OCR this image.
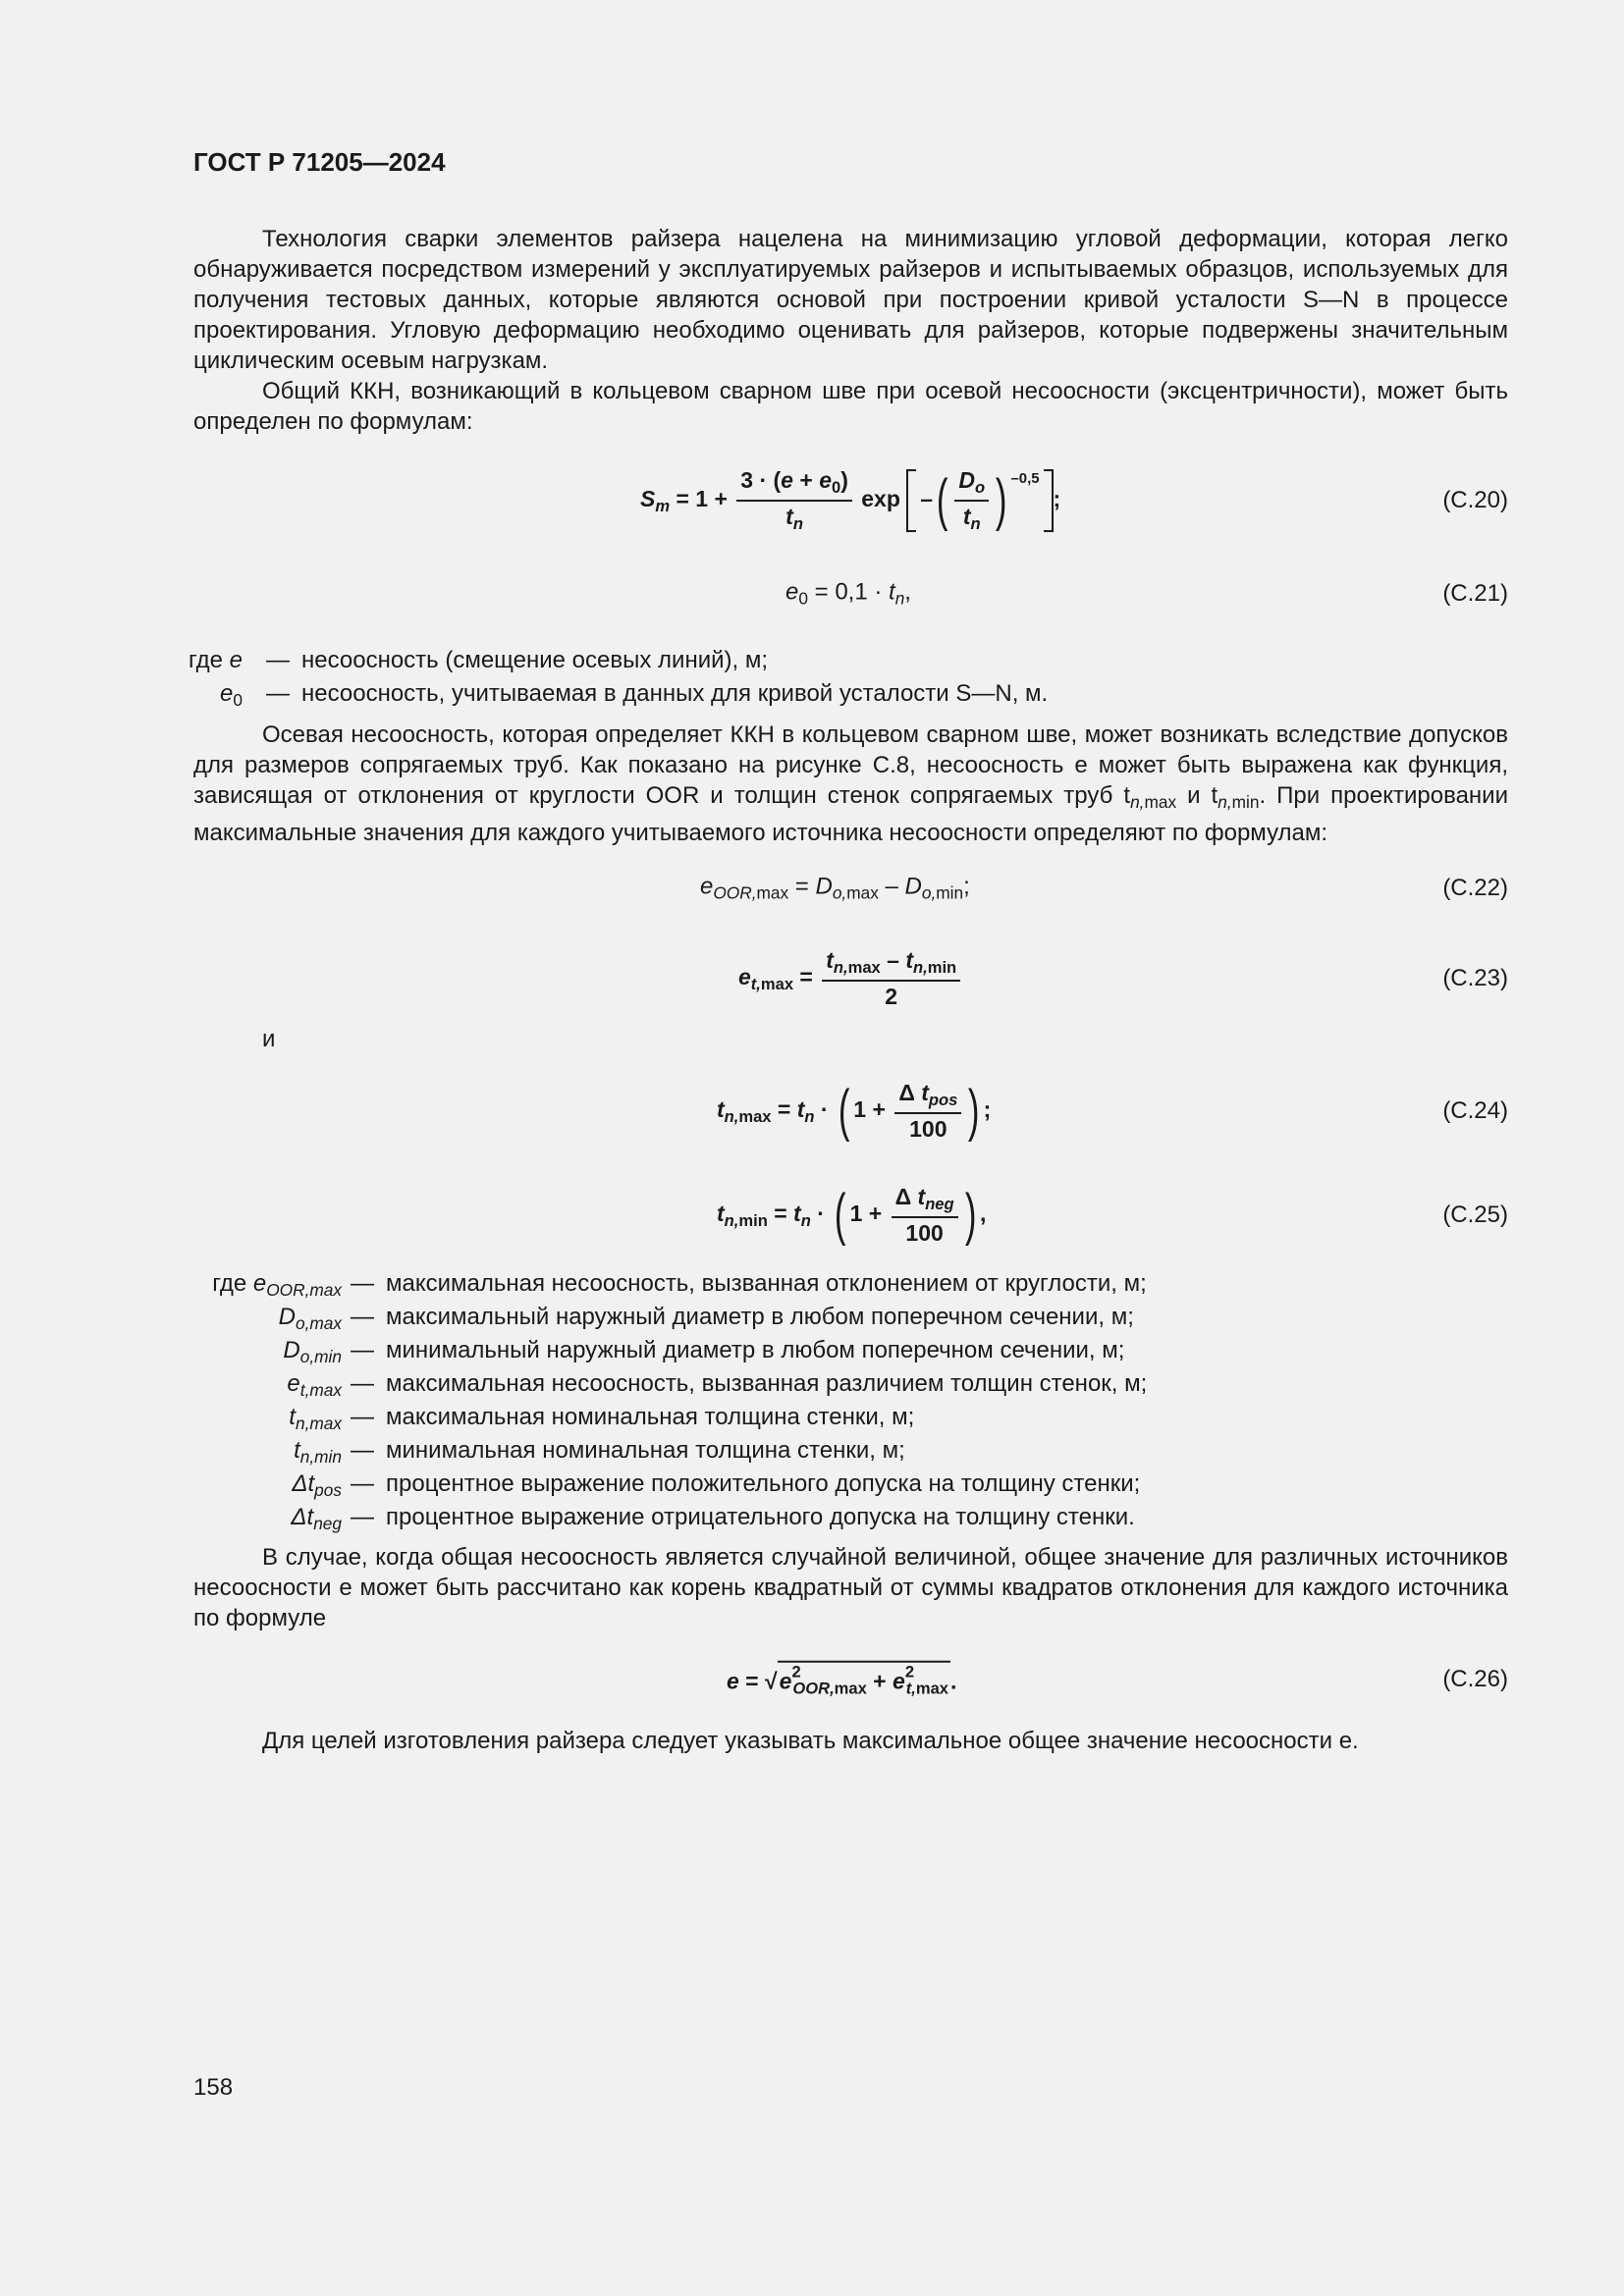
ГОСТ Р 71205—2024
Технология сварки элементов райзера нацелена на минимизацию угловой деформации, которая легко обнаруживается посредством измерений у эксплуатируемых райзеров и испытываемых образцов, используемых для получения тестовых данных, которые являются основой при построении кривой усталости S—N в процессе проектирования. Угловую деформацию необходимо оценивать для райзеров, которые подвержены значительным циклическим осевым нагрузкам.
Общий ККН, возникающий в кольцевом сварном шве при осевой несоосности (эксцентричности), может быть определен по формулам:
$S_m = 1 + \frac{3 \cdot (e + e_0)}{t_n}$ exp –( $\frac{D_o}{t_n}$ ) $^{-0,5}$;	(С.20)
$e_0 = 0,1 \cdot t_n$,	(С.21)
где e — несоосность (смещение осевых линий), м;
$e_0$ — несоосность, учитываемая в данных для кривой усталости S—N, м.
Осевая несоосность, которая определяет ККН в кольцевом сварном шве, может возникать вследствие допусков для размеров сопрягаемых труб. Как показано на рисунке С.8, несоосность e может быть выражена как функция, зависящая от отклонения от круглости OOR и толщин стенок сопрягаемых труб $t_{n,max}$ и $t_{n,min}$. При проектировании максимальные значения для каждого учитываемого источника несоосности определяют по формулам:
$e_{OOR,max} = D_{o,max} - D_{o,min}$;	(С.22)
$e_{t,max} = \frac{t_{n,max} - t_{n,min}}{2}$	(С.23)
и
$t_{n,max} = t_n$ · ( $1 + \frac{\Delta t_{pos}}{100}$ ) ;	(С.24)
$t_{n,min} = t_n$ · ( $1 + \frac{\Delta t_{neg}}{100}$ ) ,	(С.25)
где $e_{OOR,max}$ — максимальная несоосность, вызванная отклонением от круглости, м;
$D_{o,max}$ — максимальный наружный диаметр в любом поперечном сечении, м;
$D_{o,min}$ — минимальный наружный диаметр в любом поперечном сечении, м;
$e_{t,max}$ — максимальная несоосность, вызванная различием толщин стенок, м;
$t_{n,max}$ — максимальная номинальная толщина стенки, м;
$t_{n,min}$ — минимальная номинальная толщина стенки, м;
$\Delta t_{pos}$ — процентное выражение положительного допуска на толщину стенки;
$\Delta t_{neg}$ — процентное выражение отрицательного допуска на толщину стенки.
В случае, когда общая несоосность является случайной величиной, общее значение для различных источников несоосности e может быть рассчитано как корень квадратный от суммы квадратов отклонения для каждого источника по формуле
$e = √e^2_{OOR,max} + e^2_{t,max}$.	(С.26)
Для целей изготовления райзера следует указывать максимальное общее значение несоосности e.
158
